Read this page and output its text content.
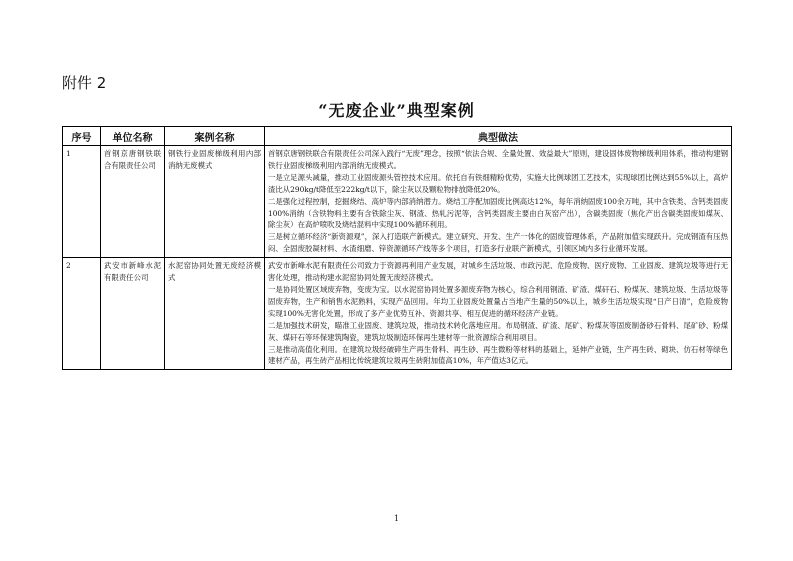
附件 2
“无废企业”典型案例
序号	单位名称	案例名称	典型做法
1	首钢京唐钢铁联合有限责任公司	钢铁行业固废梯级利用内部消纳无废模式	首钢京唐钢铁联合有限责任公司深入践行“无废”理念，按照“依法合规、全量处置、效益最大”原则，建设固体废物梯级利用体系，推动构建钢铁行业固废梯级利用内部消纳无废模式。

一是立足源头减量，推动工业固废源头管控技术应用。依托自有铁细精粉优势，实施大比例球团工艺技术，实现球团比例达到55%以上，高炉渣比从290kg/t降低至222kg/t以下，除尘灰以及颗粒物排放降低20%。

二是强化过程控制，挖掘烧结、高炉等内部消纳潜力。烧结工序配加固废比例高达12%，每年消纳固废100余万吨，其中含铁类、含钙类固废100%消纳（含铁物料主要有含铁除尘灰、钢渣、热轧污泥等，含钙类固废主要由白灰窑产出），含碳类固废（焦化产出含碳类固废如煤灰、除尘灰）在高炉喷吹及烧结混料中实现100%循环利用。

三是树立循环经济“新资源观”，深入打造联产新模式。建立研究、开发、生产一体化的固废管理体系，产品附加值实现跃升。完成钢渣有压热闷、全固废胶凝材料、水渣细磨、锌资源循环产线等多个项目，打造多行业联产新模式，引领区域内多行业循环发展。

2	武安市新峰水泥有限责任公司	水泥窑协同处置无废经济模式	武安市新峰水泥有限责任公司致力于资源再利用产业发展，对城乡生活垃圾、市政污泥、危险废物、医疗废物、工业固废、建筑垃圾等进行无害化处理，推动构建水泥窑协同处置无废经济模式。

一是协同处置区域废弃物，变废为宝。以水泥窑协同处置多源废弃物为核心，综合利用钢渣、矿渣、煤矸石、粉煤灰、建筑垃圾、生活垃圾等固废弃物，生产和销售水泥熟料，实现产品回用。年均工业固废处置量占当地产生量的50%以上，城乡生活垃圾实现“日产日清”，危险废物实现100%无害化处置，形成了多产业优势互补、资源共享、相互促进的循环经济产业链。

二是加强技术研发，瞄准工业固废、建筑垃圾，推动技术转化落地应用。布局钢渣、矿渣、尾矿、粉煤灰等固废制备砂石骨料、尾矿砂、粉煤灰、煤矸石等环保建筑陶瓷，建筑垃圾制造环保再生建材等一批资源综合利用项目。

三是推动高值化利用。在建筑垃圾经破碎生产再生骨料、再生砂、再生微粉等材料的基础上，延伸产业链，生产再生砖、砌块、仿石材等绿色建材产品，再生砖产品相比传统建筑垃圾再生砖附加值高10%，年产值达3亿元。

1
